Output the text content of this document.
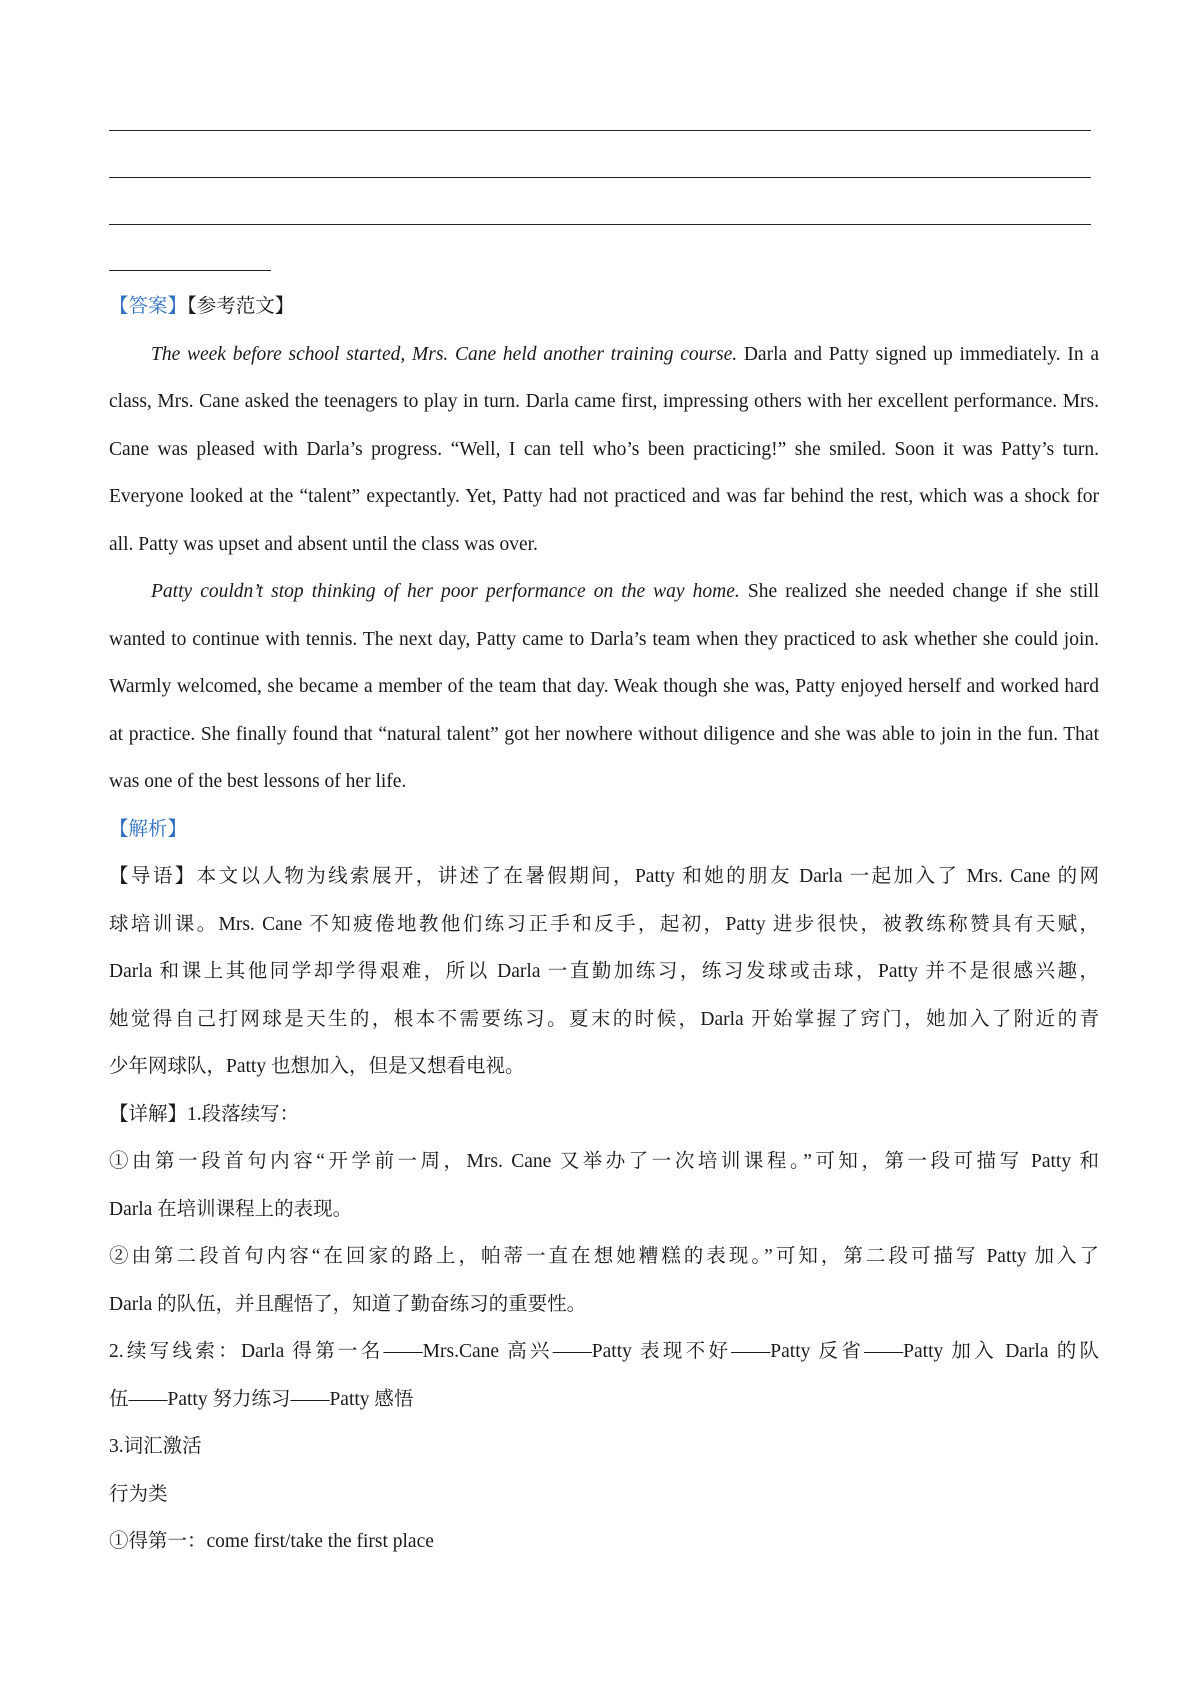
【答案】【参考范文】

The week before school started, Mrs. Cane held another training course. Darla and Patty signed up immediately. In a class, Mrs. Cane asked the teenagers to play in turn. Darla came first, impressing others with her excellent performance. Mrs. Cane was pleased with Darla’s progress. “Well, I can tell who’s been practicing!” she smiled. Soon it was Patty’s turn. Everyone looked at the “talent” expectantly. Yet, Patty had not practiced and was far behind the rest, which was a shock for all. Patty was upset and absent until the class was over.

Patty couldn’t stop thinking of her poor performance on the way home. She realized she needed change if she still wanted to continue with tennis. The next day, Patty came to Darla’s team when they practiced to ask whether she could join. Warmly welcomed, she became a member of the team that day. Weak though she was, Patty enjoyed herself and worked hard at practice. She finally found that “natural talent” got her nowhere without diligence and she was able to join in the fun. That was one of the best lessons of her life.

【解析】
【导语】本文以人物为线索展开，讲述了在暑假期间，Patty 和她的朋友 Darla 一起加入了 Mrs. Cane 的网
球培训课。Mrs. Cane 不知疲倦地教他们练习正手和反手，起初，Patty 进步很快，被教练称赞具有天赋，
Darla 和课上其他同学却学得艰难，所以 Darla 一直勤加练习，练习发球或击球，Patty 并不是很感兴趣，
她觉得自己打网球是天生的，根本不需要练习。夏末的时候，Darla 开始掌握了窍门，她加入了附近的青
少年网球队，Patty 也想加入，但是又想看电视。
【详解】1.段落续写：
①由第一段首句内容“开学前一周，Mrs. Cane 又举办了一次培训课程。”可知，第一段可描写 Patty 和
Darla 在培训课程上的表现。
②由第二段首句内容“在回家的路上，帕蒂一直在想她糟糕的表现。”可知，第二段可描写 Patty 加入了
Darla 的队伍，并且醒悟了，知道了勤奋练习的重要性。
2.续写线索：Darla 得第一名——Mrs.Cane 高兴——Patty 表现不好——Patty 反省——Patty 加入 Darla 的队
伍——Patty 努力练习——Patty 感悟
3.词汇激活
行为类
①得第一：come first/take the first place
